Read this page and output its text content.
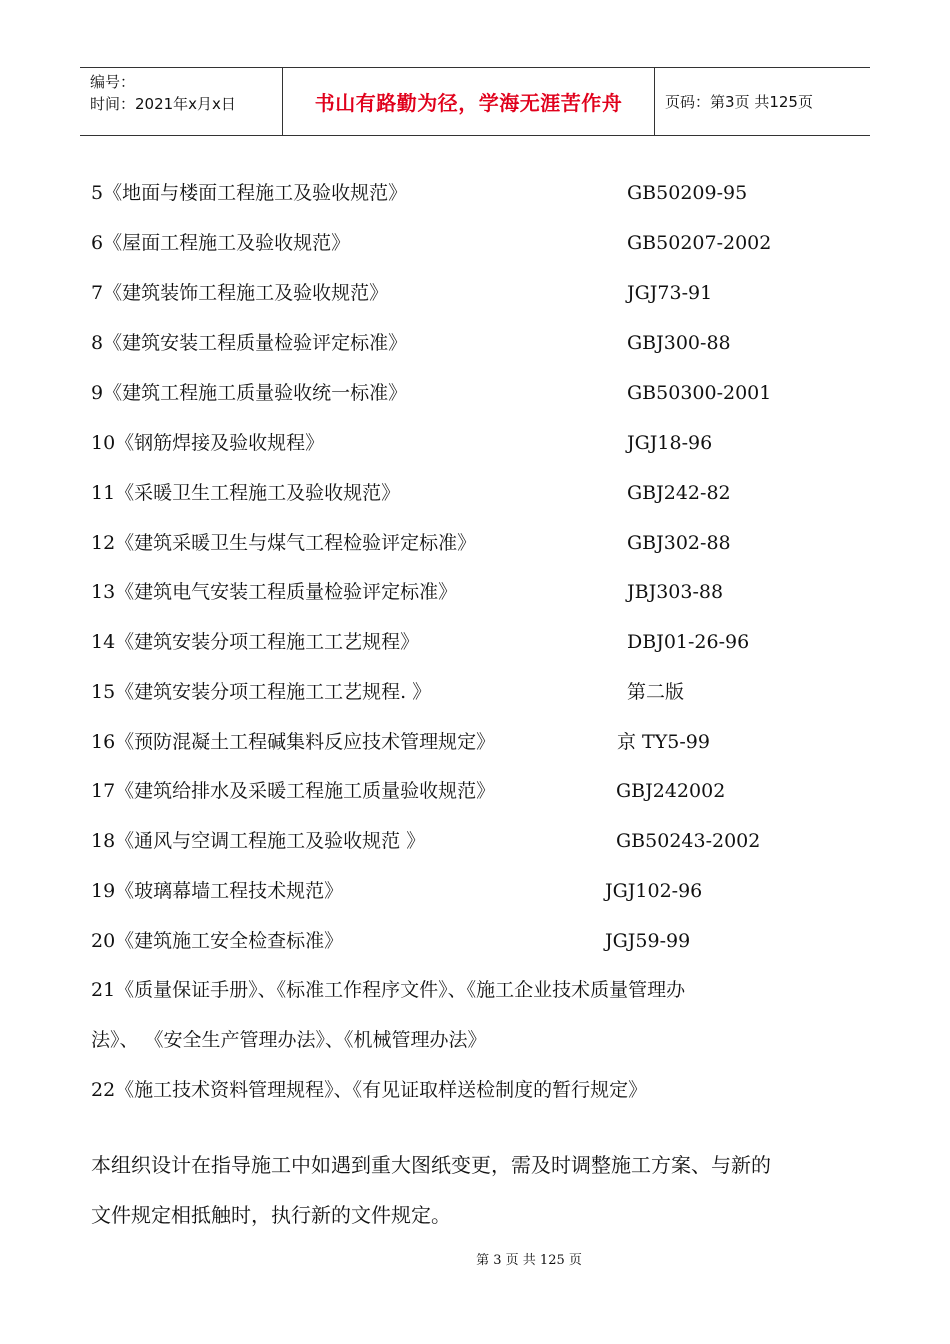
编号：
时间：2021年x月x日	书山有路勤为径，学海无涯苦作舟	页码：第 3 页 共 125 页
5《地面与楼面工程施工及验收规范》	GB50209-95
6《屋面工程施工及验收规范》	GB50207-2002
7《建筑装饰工程施工及验收规范》	JGJ73-91
8《建筑安装工程质量检验评定标准》	GBJ300-88
9《建筑工程施工质量验收统一标准》	GB50300-2001
10《钢筋焊接及验收规程》	JGJ18-96
11《采暖卫生工程施工及验收规范》	GBJ242-82
12《建筑采暖卫生与煤气工程检验评定标准》	GBJ302-88
13《建筑电气安装工程质量检验评定标准》	JBJ303-88
14《建筑安装分项工程施工工艺规程》	DBJ01-26-96
15《建筑安装分项工程施工工艺规程. 》	第二版
16《预防混凝土工程碱集料反应技术管理规定》	京 TY5-99
17《建筑给排水及采暖工程施工质量验收规范》	GBJ242002
18《通风与空调工程施工及验收规范 》	GB50243-2002
19《玻璃幕墙工程技术规范》	JGJ102-96
20《建筑施工安全检查标准》	JGJ59-99
21《质量保证手册》、《标准工作程序文件》、《施工企业技术质量管理办
法》、 《安全生产管理办法》、《机械管理办法》
22《施工技术资料管理规程》、《有见证取样送检制度的暂行规定》
本组织设计在指导施工中如遇到重大图纸变更，需及时调整施工方案、与新的
文件规定相抵触时，执行新的文件规定。
第 3 页 共 125 页
